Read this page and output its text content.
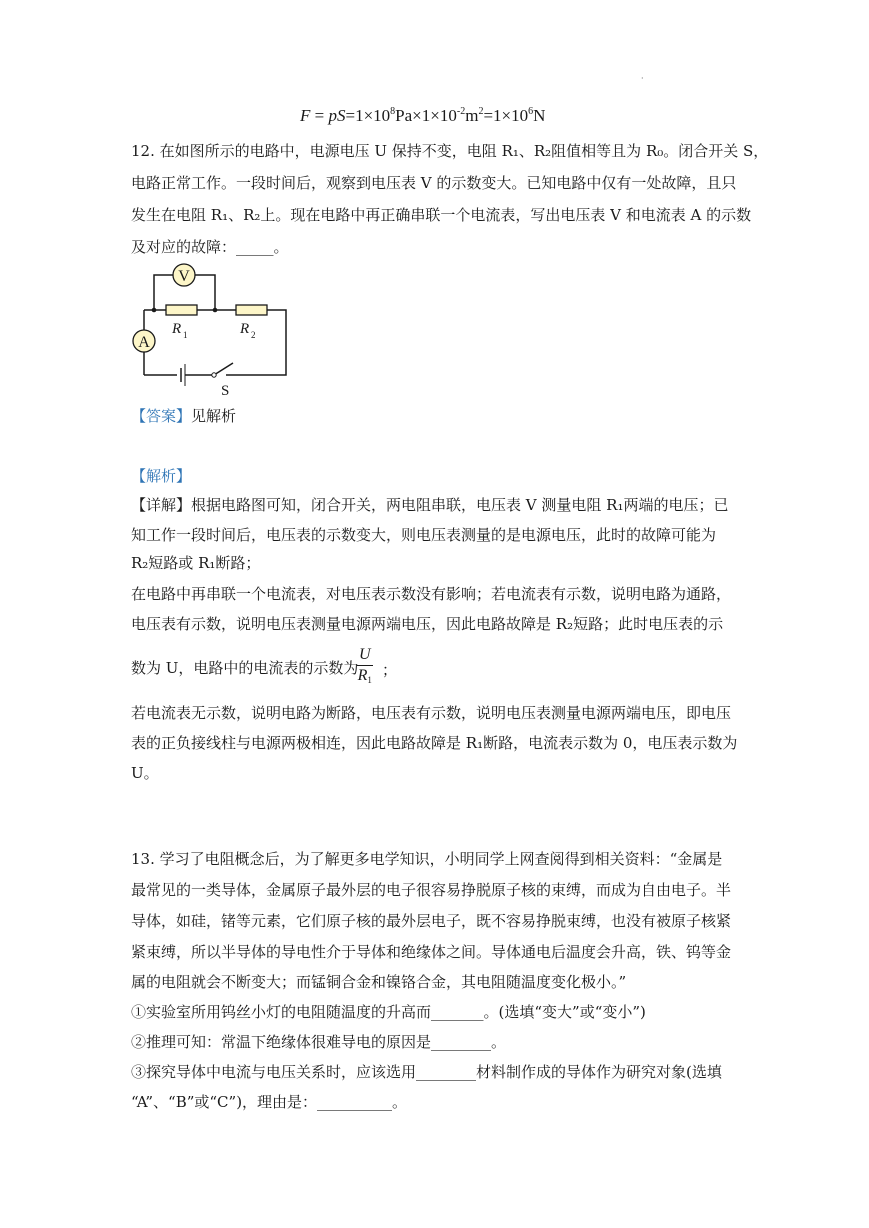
·
$F = pS=1\times 10^8Pa\times 1\times 10^{-2}m^2=1\times 10^6N$
12. 在如图所示的电路中，电源电压 U 保持不变，电阻 R₁、R₂阻值相等且为 R₀。闭合开关 S，
电路正常工作。一段时间后，观察到电压表 V 的示数变大。已知电路中仅有一处故障，且只
发生在电阻 R₁、R₂上。现在电路中再正确串联一个电流表，写出电压表 V 和电流表 A 的示数
及对应的故障：_____。
V
A
R 1	R 2
S
【答案】见解析
【解析】
【详解】根据电路图可知，闭合开关，两电阻串联，电压表 V 测量电阻 R₁两端的电压；已
知工作一段时间后，电压表的示数变大，则电压表测量的是电源电压，此时的故障可能为
R₂短路或 R₁断路；
在电路中再串联一个电流表，对电压表示数没有影响；若电流表有示数，说明电路为通路，
电压表有示数，说明电压表测量电源两端电压，因此电路故障是 R₂短路；此时电压表的示
数为 U，电路中的电流表的示数为
$\frac{U}{R_1}$ ；
若电流表无示数，说明电路为断路，电压表有示数，说明电压表测量电源两端电压，即电压
表的正负接线柱与电源两极相连，因此电路故障是 R₁断路，电流表示数为 0，电压表示数为
U。
13. 学习了电阻概念后，为了解更多电学知识，小明同学上网查阅得到相关资料：“金属是
最常见的一类导体，金属原子最外层的电子很容易挣脱原子核的束缚，而成为自由电子。半
导体，如硅，锗等元素，它们原子核的最外层电子，既不容易挣脱束缚，也没有被原子核紧
紧束缚，所以半导体的导电性介于导体和绝缘体之间。导体通电后温度会升高，铁、钨等金
属的电阻就会不断变大；而锰铜合金和镍铬合金，其电阻随温度变化极小。”
①实验室所用钨丝小灯的电阻随温度的升高而_______。(选填“变大”或“变小”)
②推理可知：常温下绝缘体很难导电的原因是________。
③探究导体中电流与电压关系时，应该选用________材料制作成的导体作为研究对象(选填
“A”、“B”或“C”)，理由是：__________。
